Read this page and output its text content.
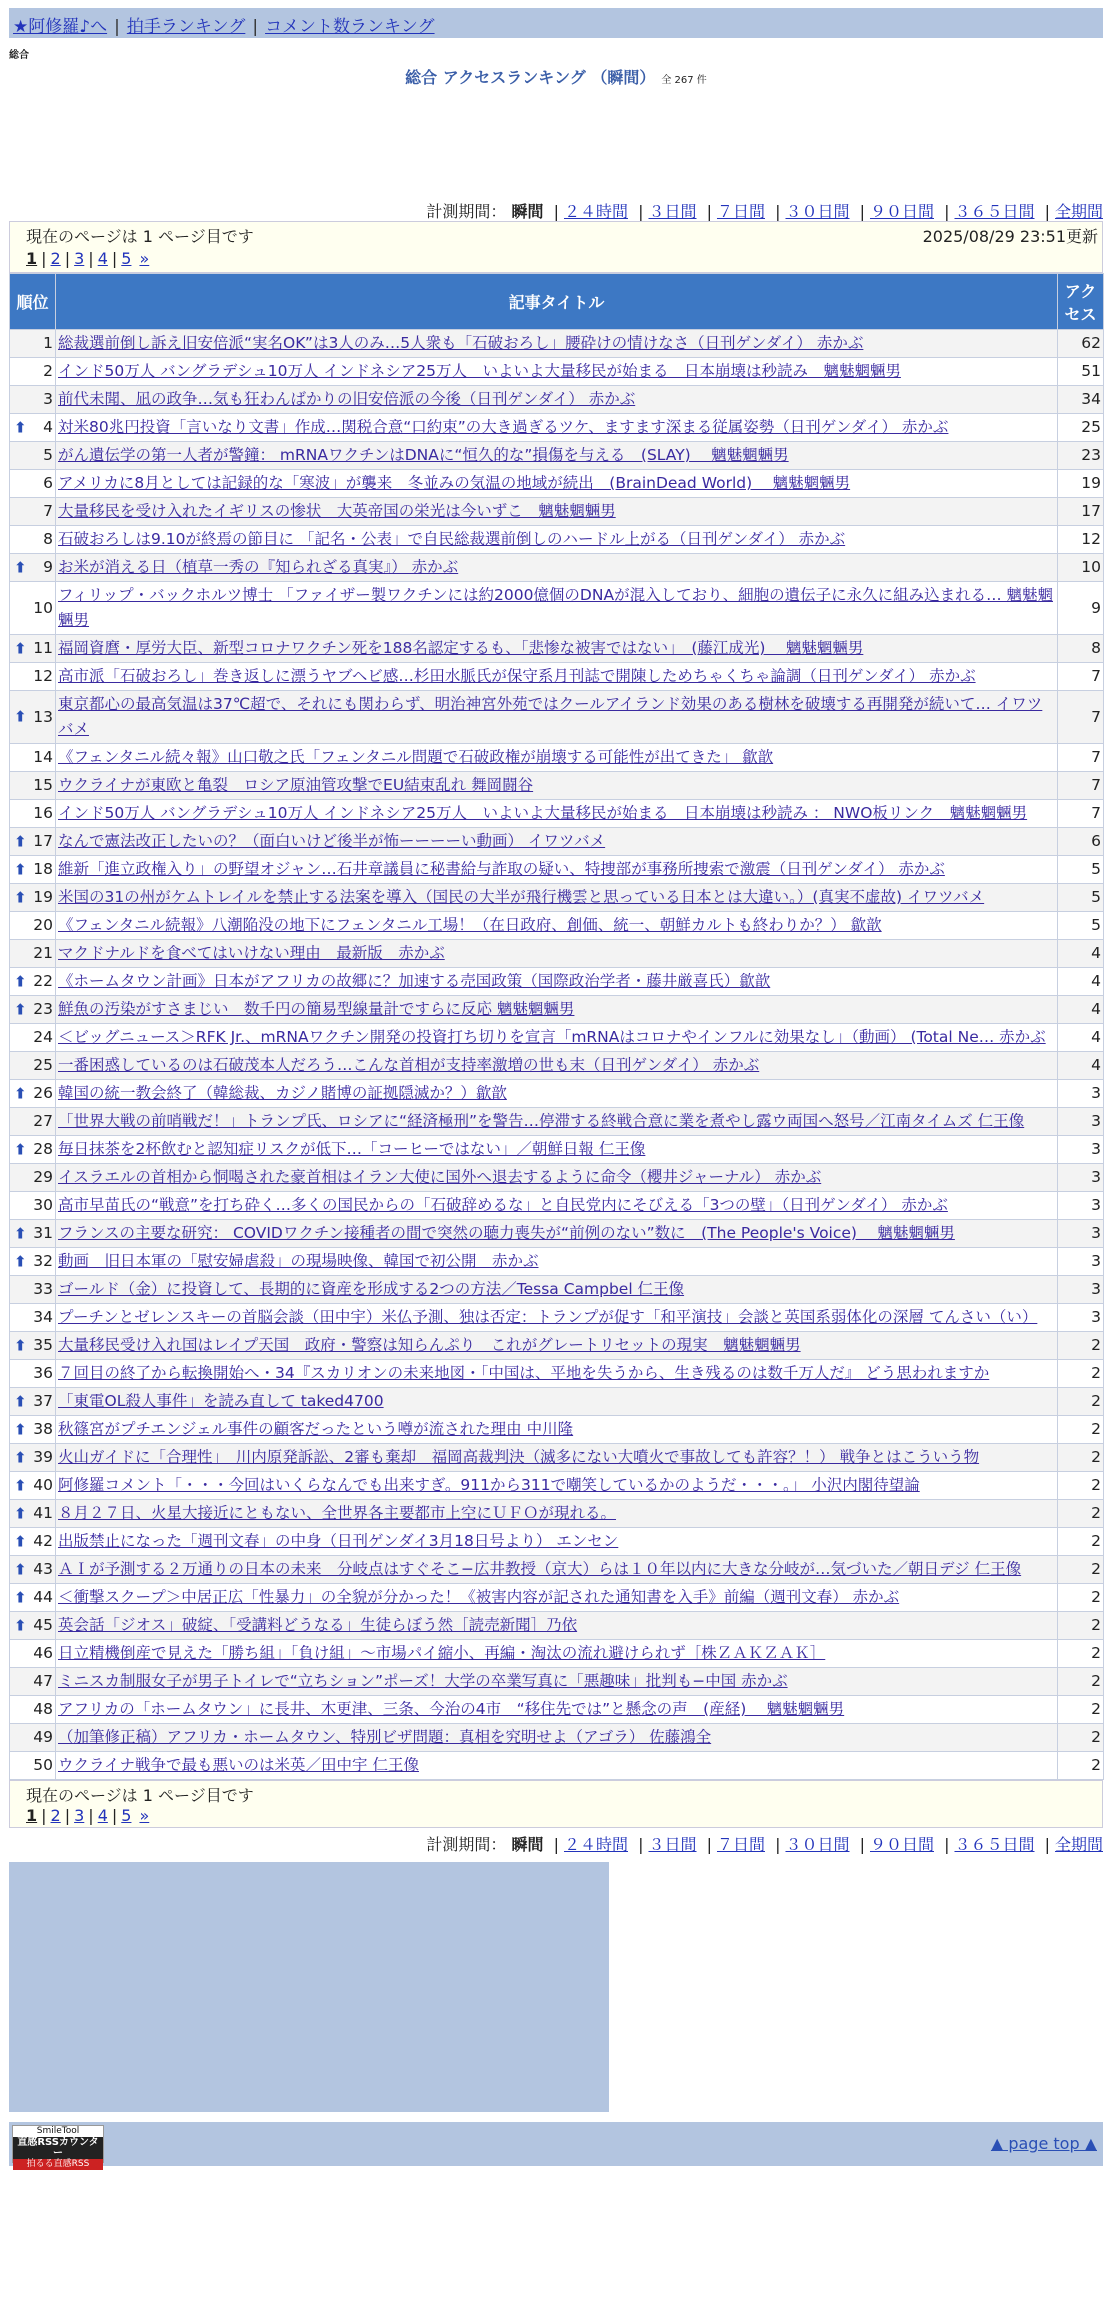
★阿修羅♪へ | 拍手ランキング | コメント数ランキング
総合
総合 アクセスランキング （瞬間） 全 267 件
計測期間： 瞬間 | ２４時間 | ３日間 | ７日間 | ３０日間 | ９０日間 | ３６５日間 | 全期間
現在のページは 1 ページ目です	2025/08/29 23:51更新
1 | 2 | 3 | 4 | 5 »
順位	記事タイトル	アクセス
1	総裁選前倒し訴え旧安倍派“実名OK”は3人のみ…5人衆も「石破おろし」腰砕けの情けなさ（日刊ゲンダイ） 赤かぶ	62
2	インド50万人 バングラデシュ10万人 インドネシア25万人　いよいよ大量移民が始まる　日本崩壊は秒読み　魑魅魍魎男	51
3	前代未聞、凪の政争…気も狂わんばかりの旧安倍派の今後（日刊ゲンダイ） 赤かぶ	34

⬆ 4	対米80兆円投資「言いなり文書」作成…関税合意“口約束”の大き過ぎるツケ、ますます深まる従属姿勢（日刊ゲンダイ） 赤かぶ	25
5	がん遺伝学の第一人者が警鐘： mRNAワクチンはDNAに“恒久的な”損傷を与える　(SLAY)　 魑魅魍魎男	23
6	アメリカに8月としては記録的な「寒波」が襲来　冬並みの気温の地域が続出　(BrainDead World)　 魑魅魍魎男	19
7	大量移民を受け入れたイギリスの惨状　大英帝国の栄光は今いずこ　魑魅魍魎男	17
8	石破おろしは9.10が終焉の節目に 「記名・公表」で自民総裁選前倒しのハードル上がる（日刊ゲンダイ） 赤かぶ	12

⬆ 9	お米が消える日（植草一秀の『知られざる真実』） 赤かぶ	10
10	フィリップ・バックホルツ博士 「ファイザー製ワクチンには約2000億個のDNAが混入しており、細胞の遺伝子に永久に組み込まれる… 魑魅魍魎男	9

⬆ 11	福岡資麿・厚労大臣、新型コロナワクチン死を188名認定するも、「悲惨な被害ではない」　(藤江成光)　 魑魅魍魎男	8
12	高市派「石破おろし」巻き返しに漂うヤブヘビ感…杉田水脈氏が保守系月刊誌で開陳しためちゃくちゃ論調（日刊ゲンダイ） 赤かぶ	7

⬆ 13	東京都心の最高気温は37℃超で、それにも関わらず、明治神宮外苑ではクールアイランド効果のある樹林を破壊する再開発が続いて… イワツバメ	7
14	《フェンタニル続々報》山口敬之氏「フェンタニル問題で石破政権が崩壊する可能性が出てきた」 歙歆	7
15	ウクライナが東欧と亀裂　ロシア原油管攻撃でEU結束乱れ 舞岡闘谷	7
16	インド50万人 バングラデシュ10万人 インドネシア25万人　いよいよ大量移民が始まる　日本崩壊は秒読み ： NWO板リンク　魑魅魍魎男	7

⬆ 17	なんで憲法改正したいの？（面白いけど後半が怖ーーーーい動画） イワツバメ	6

⬆ 18	維新「進立政権入り」の野望オジャン…石井章議員に秘書給与詐取の疑い、特捜部が事務所捜索で激震（日刊ゲンダイ） 赤かぶ	5

⬆ 19	米国の31の州がケムトレイルを禁止する法案を導入（国民の大半が飛行機雲と思っている日本とは大違い。）(真実不虚故) イワツバメ	5
20	《フェンタニル続報》八潮陥没の地下にフェンタニル工場！（在日政府、創価、統一、朝鮮カルトも終わりか？） 歙歆	5
21	マクドナルドを食べてはいけない理由　最新版　赤かぶ	4

⬆ 22	《ホームタウン計画》日本がアフリカの故郷に？加速する売国政策（国際政治学者・藤井厳喜氏）歙歆	4

⬆ 23	鮮魚の汚染がすさまじい　数千円の簡易型線量計ですらに反応 魑魅魍魎男	4
24	＜ビッグニュース＞RFK Jr.、mRNAワクチン開発の投資打ち切りを宣言「mRNAはコロナやインフルに効果なし」（動画） (Total Ne… 赤かぶ	4
25	一番困惑しているのは石破茂本人だろう…こんな首相が支持率激増の世も末（日刊ゲンダイ） 赤かぶ	4

⬆ 26	韓国の統一教会終了（韓総裁、カジノ賭博の証拠隠滅か？）歙歆	3
27	「世界大戦の前哨戦だ！」トランプ氏、ロシアに“経済極刑”を警告…停滞する終戦合意に業を煮やし露ウ両国へ怒号／江南タイムズ 仁王像	3

⬆ 28	毎日抹茶を2杯飲むと認知症リスクが低下…「コーヒーではない」／朝鮮日報 仁王像	3
29	イスラエルの首相から恫喝された豪首相はイラン大使に国外へ退去するように命令（櫻井ジャーナル） 赤かぶ	3
30	高市早苗氏の“戦意”を打ち砕く…多くの国民からの「石破辞めるな」と自民党内にそびえる「3つの壁」（日刊ゲンダイ） 赤かぶ	3

⬆ 31	フランスの主要な研究： COVIDワクチン接種者の間で突然の聴力喪失が“前例のない”数に　(The People's Voice)　 魑魅魍魎男	3

⬆ 32	動画　旧日本軍の「慰安婦虐殺」の現場映像、韓国で初公開　赤かぶ	3
33	ゴールド（金）に投資して、長期的に資産を形成する2つの方法／Tessa Campbel 仁王像	3
34	プーチンとゼレンスキーの首脳会談（田中宇）米仏予測、独は否定：トランプが促す「和平演技」会談と英国系弱体化の深層 てんさい（い）	3

⬆ 35	大量移民受け入れ国はレイプ天国　政府・警察は知らんぷり　これがグレートリセットの現実　魑魅魍魎男	2
36	７回目の終了から転換開始へ・34『スカリオンの未来地図・「中国は、平地を失うから、生き残るのは数千万人だ』 どう思われますか	2

⬆ 37	「東電OL殺人事件」を読み直して taked4700	2

⬆ 38	秋篠宮がプチエンジェル事件の顧客だったという噂が流された理由 中川隆	2

⬆ 39	火山ガイドに「合理性」　川内原発訴訟、2審も棄却　福岡高裁判決（滅多にない大噴火で事故しても許容？！） 戦争とはこういう物	2

⬆ 40	阿修羅コメント「・・・今回はいくらなんでも出来すぎ。911から311で嘲笑しているかのようだ・・・。」 小沢内閣待望論	2

⬆ 41	８月２７日、火星大接近にともない、全世界各主要都市上空にＵＦＯが現れる。	2

⬆ 42	出版禁止になった「週刊文春」の中身（日刊ゲンダイ3月18日号より） エンセン	2

⬆ 43	ＡＩが予測する２万通りの日本の未来　分岐点はすぐそこ−広井教授（京大）らは１０年以内に大きな分岐が…気づいた／朝日デジ 仁王像	2

⬆ 44	＜衝撃スクープ＞中居正広「性暴力」の全貌が分かった！《被害内容が記された通知書を入手》前編（週刊文春） 赤かぶ	2

⬆ 45	英会話「ジオス」破綻、「受講料どうなる」生徒らぼう然［読売新聞］乃依	2
46	日立精機倒産で見えた「勝ち組」「負け組」〜市場パイ縮小、再編・淘汰の流れ避けられず［株ＺＡＫＺＡＫ］	2
47	ミニスカ制服女子が男子トイレで“立ちション”ポーズ！大学の卒業写真に「悪趣味」批判も−中国 赤かぶ	2
48	アフリカの「ホームタウン」に長井、木更津、三条、今治の4市　“移住先では”と懸念の声　(産経)　 魑魅魍魎男	2
49	（加筆修正稿）アフリカ・ホームタウン、特別ビザ問題：真相を究明せよ（アゴラ） 佐藤鴻全	2
50	ウクライナ戦争で最も悪いのは米英／田中宇 仁王像	2
現在のページは 1 ページ目です
1 | 2 | 3 | 4 | 5 »
計測期間： 瞬間 | ２４時間 | ３日間 | ７日間 | ３０日間 | ９０日間 | ３６５日間 | 全期間
SmileTool
直感RSSカウンター
拍るる直感RSS
▲ page top ▲
